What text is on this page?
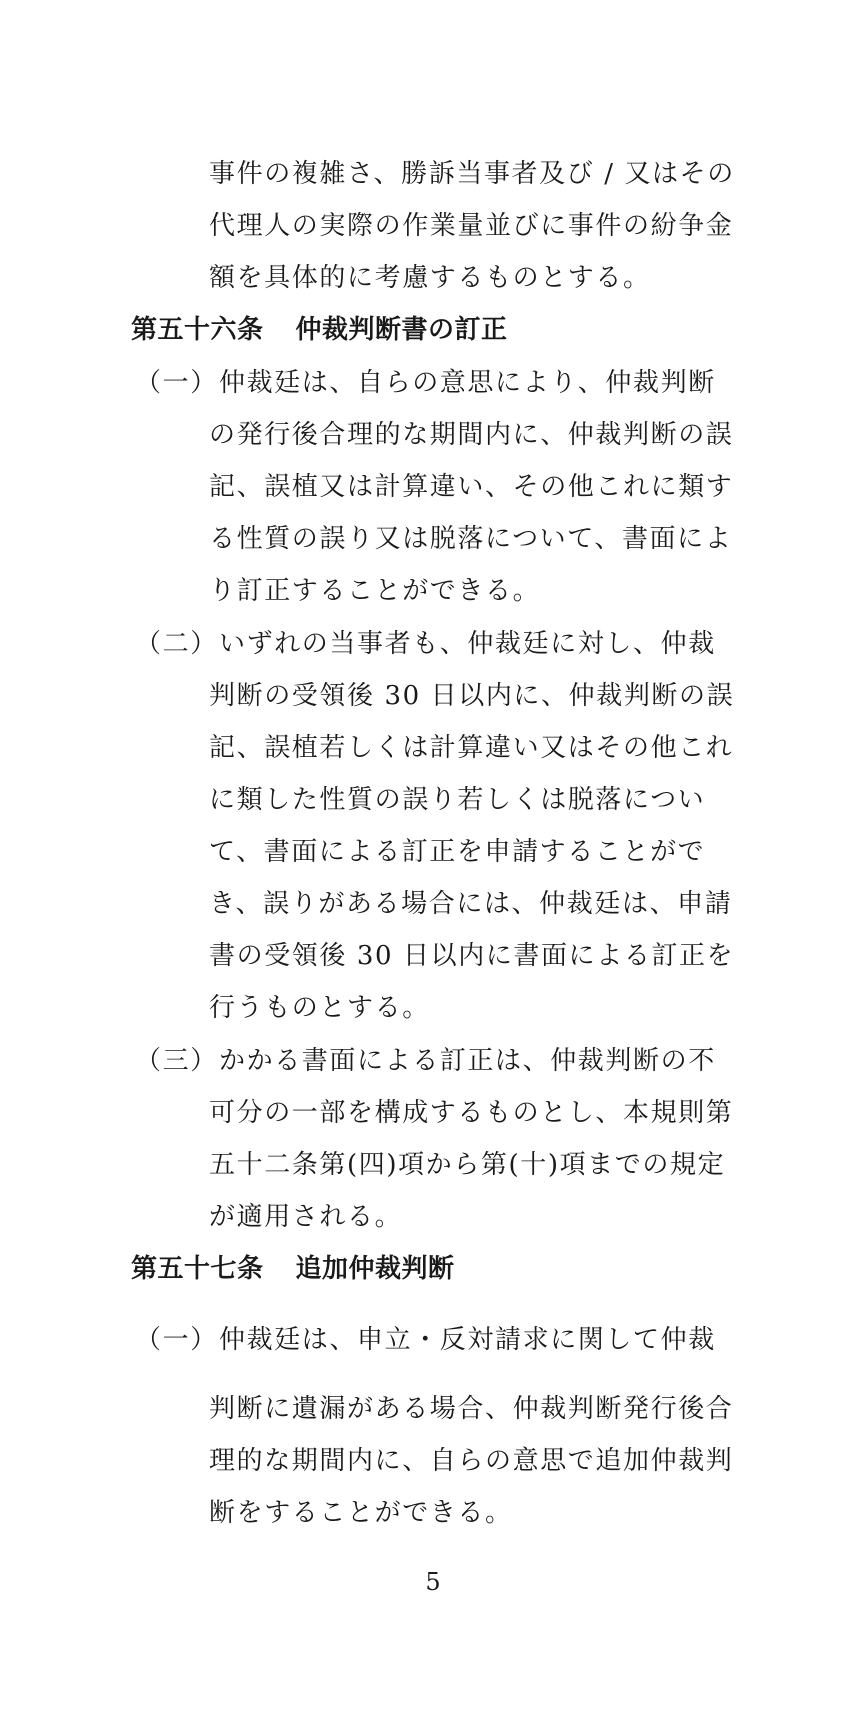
事件の複雑さ、勝訴当事者及び / 又はその
代理人の実際の作業量並びに事件の紛争金
額を具体的に考慮するものとする。
第五十六条 仲裁判断書の訂正
（一）仲裁廷は、自らの意思により、仲裁判断
の発行後合理的な期間内に、仲裁判断の誤
記、誤植又は計算違い、その他これに類す
る性質の誤り又は脱落について、書面によ
り訂正することができる。
（二）いずれの当事者も、仲裁廷に対し、仲裁
判断の受領後 30 日以内に、仲裁判断の誤
記、誤植若しくは計算違い又はその他これ
に類した性質の誤り若しくは脱落につい
て、書面による訂正を申請することがで
き、誤りがある場合には、仲裁廷は、申請
書の受領後 30 日以内に書面による訂正を
行うものとする。
（三）かかる書面による訂正は、仲裁判断の不
可分の一部を構成するものとし、本規則第
五十二条第(四)項から第(十)項までの規定
が適用される。
第五十七条 追加仲裁判断
（一）仲裁廷は、申立・反対請求に関して仲裁
判断に遺漏がある場合、仲裁判断発行後合
理的な期間内に、自らの意思で追加仲裁判
断をすることができる。
5
